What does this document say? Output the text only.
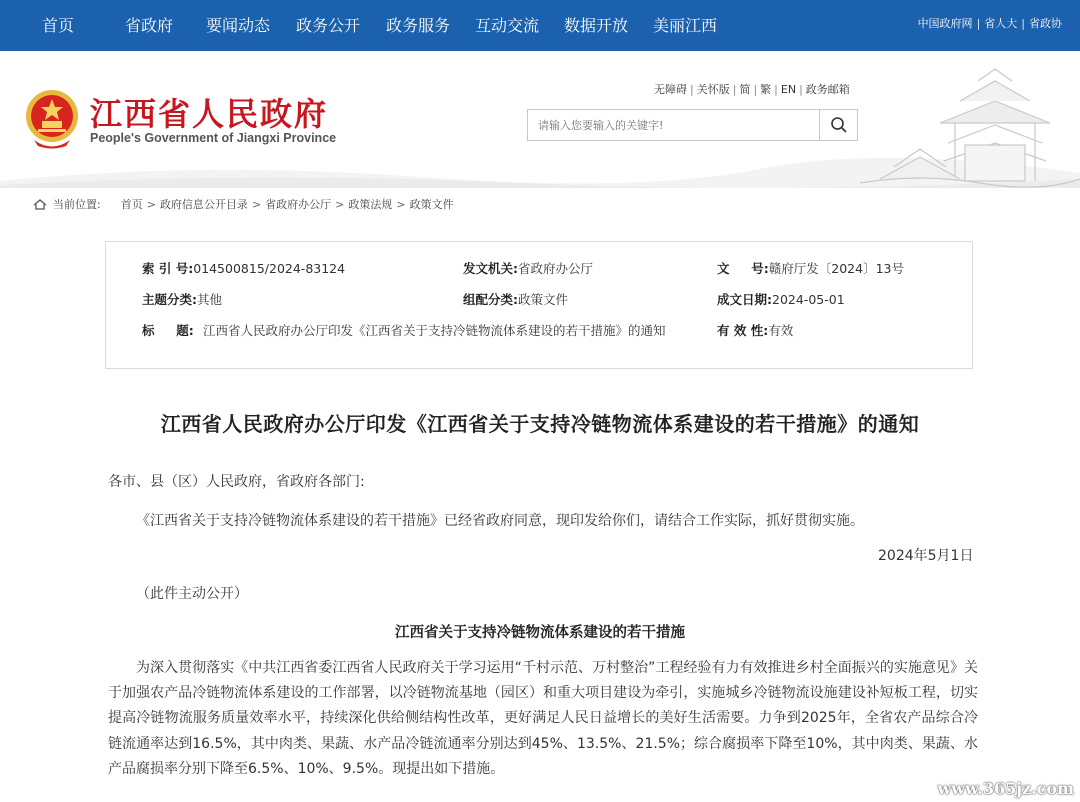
首页	省政府 要闻动态 政务公开 政务服务 互动交流 数据开放 美丽江西	中国政府网 | 省人大 | 省政协
江西省人民政府
People's Government of Jiangxi Province
无障碍 | 关怀版 | 简 | 繁 | EN | 政务邮箱
请输入您要输入的关键字!
当前位置: 首页 > 政府信息公开目录 > 省政府办公厅 > 政策法规 > 政策文件
索 引 号:014500815/2024-83124	发文机关:省政府办公厅	文     号:赣府厅发〔2024〕13号
主题分类:其他	组配分类:政策文件	成文日期:2024-05-01
标     题: 江西省人民政府办公厅印发《江西省关于支持冷链物流体系建设的若干措施》的通知	有 效 性:有效
江西省人民政府办公厅印发《江西省关于支持冷链物流体系建设的若干措施》的通知
各市、县（区）人民政府，省政府各部门:
《江西省关于支持冷链物流体系建设的若干措施》已经省政府同意，现印发给你们，请结合工作实际，抓好贯彻实施。
2024年5月1日
（此件主动公开）
江西省关于支持冷链物流体系建设的若干措施
为深入贯彻落实《中共江西省委江西省人民政府关于学习运用“千村示范、万村整治”工程经验有力有效推进乡村全面振兴的实施意见》关于加强农产品冷链物流体系建设的工作部署，以冷链物流基地（园区）和重大项目建设为牵引，实施城乡冷链物流设施建设补短板工程，切实提高冷链物流服务质量效率水平，持续深化供给侧结构性改革，更好满足人民日益增长的美好生活需要。力争到2025年，全省农产品综合冷链流通率达到16.5%，其中肉类、果蔬、水产品冷链流通率分别达到45%、13.5%、21.5%；综合腐损率下降至10%，其中肉类、果蔬、水产品腐损率分别下降至6.5%、10%、9.5%。现提出如下措施。
www.365jz.com
